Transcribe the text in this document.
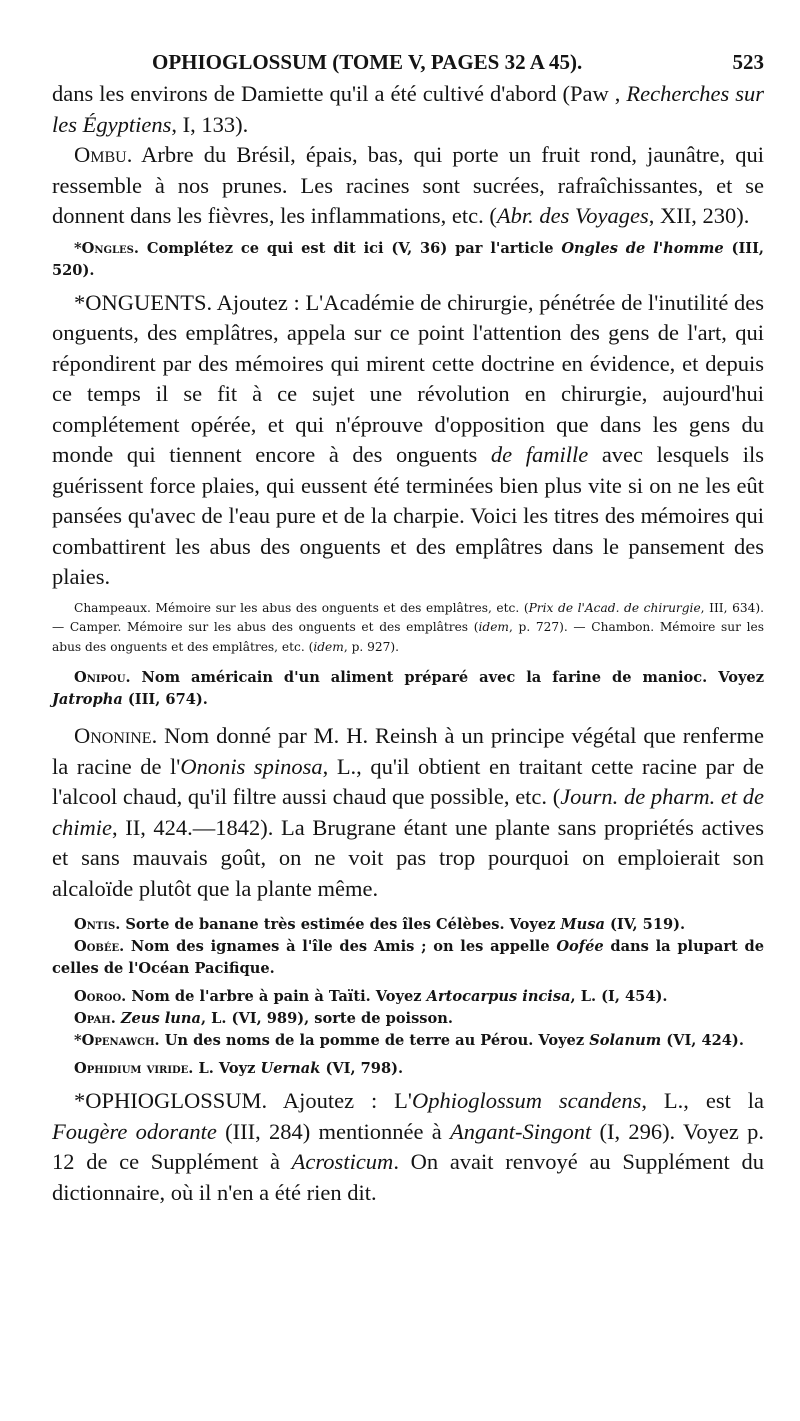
OPHIOGLOSSUM (TOME V, PAGES 32 A 45).	523

dans les environs de Damiette qu'il a été cultivé d'abord (Paw , Recherches sur les Égyptiens, I, 133).

Ombu. Arbre du Brésil, épais, bas, qui porte un fruit rond, jaunâtre, qui ressemble à nos prunes. Les racines sont sucrées, rafraîchissantes, et se donnent dans les fièvres, les inflammations, etc. (Abr. des Voyages, XII, 230).

*Ongles. Complétez ce qui est dit ici (V, 36) par l'article Ongles de l'homme (III, 520).

*ONGUENTS. Ajoutez : L'Académie de chirurgie, pénétrée de l'inutilité des onguents, des emplâtres, appela sur ce point l'attention des gens de l'art, qui répondirent par des mémoires qui mirent cette doctrine en évidence, et depuis ce temps il se fit à ce sujet une révolution en chirurgie, aujourd'hui complétement opérée, et qui n'éprouve d'opposition que dans les gens du monde qui tiennent encore à des onguents de famille avec lesquels ils guérissent force plaies, qui eussent été terminées bien plus vite si on ne les eût pansées qu'avec de l'eau pure et de la charpie. Voici les titres des mémoires qui combattirent les abus des onguents et des emplâtres dans le pansement des plaies.

Champeaux. Mémoire sur les abus des onguents et des emplâtres, etc. (Prix de l'Acad. de chirurgie, III, 634). — Camper. Mémoire sur les abus des onguents et des emplâtres (idem, p. 727). — Chambon. Mémoire sur les abus des onguents et des emplâtres, etc. (idem, p. 927).

Onipou. Nom américain d'un aliment préparé avec la farine de manioc. Voyez Jatropha (III, 674).

Ononine. Nom donné par M. H. Reinsh à un principe végétal que renferme la racine de l'Ononis spinosa, L., qu'il obtient en traitant cette racine par de l'alcool chaud, qu'il filtre aussi chaud que possible, etc. (Journ. de pharm. et de chimie, II, 424.—1842). La Brugrane étant une plante sans propriétés actives et sans mauvais goût, on ne voit pas trop pourquoi on emploierait son alcaloïde plutôt que la plante même.

Ontis. Sorte de banane très estimée des îles Célèbes. Voyez Musa (IV, 519).

Oobée. Nom des ignames à l'île des Amis ; on les appelle Oofée dans la plupart de celles de l'Océan Pacifique.

Ooroo. Nom de l'arbre à pain à Taïti. Voyez Artocarpus incisa, L. (I, 454).

Opah. Zeus luna, L. (VI, 989), sorte de poisson.

*Openawch. Un des noms de la pomme de terre au Pérou. Voyez Solanum (VI, 424).

Ophidium viride. L. Voyz Uernak (VI, 798).

*OPHIOGLOSSUM. Ajoutez : L'Ophioglossum scandens, L., est la Fougère odorante (III, 284) mentionnée à Angant-Singont (I, 296). Voyez p. 12 de ce Supplément à Acrosticum. On avait renvoyé au Supplément du dictionnaire, où il n'en a été rien dit.
